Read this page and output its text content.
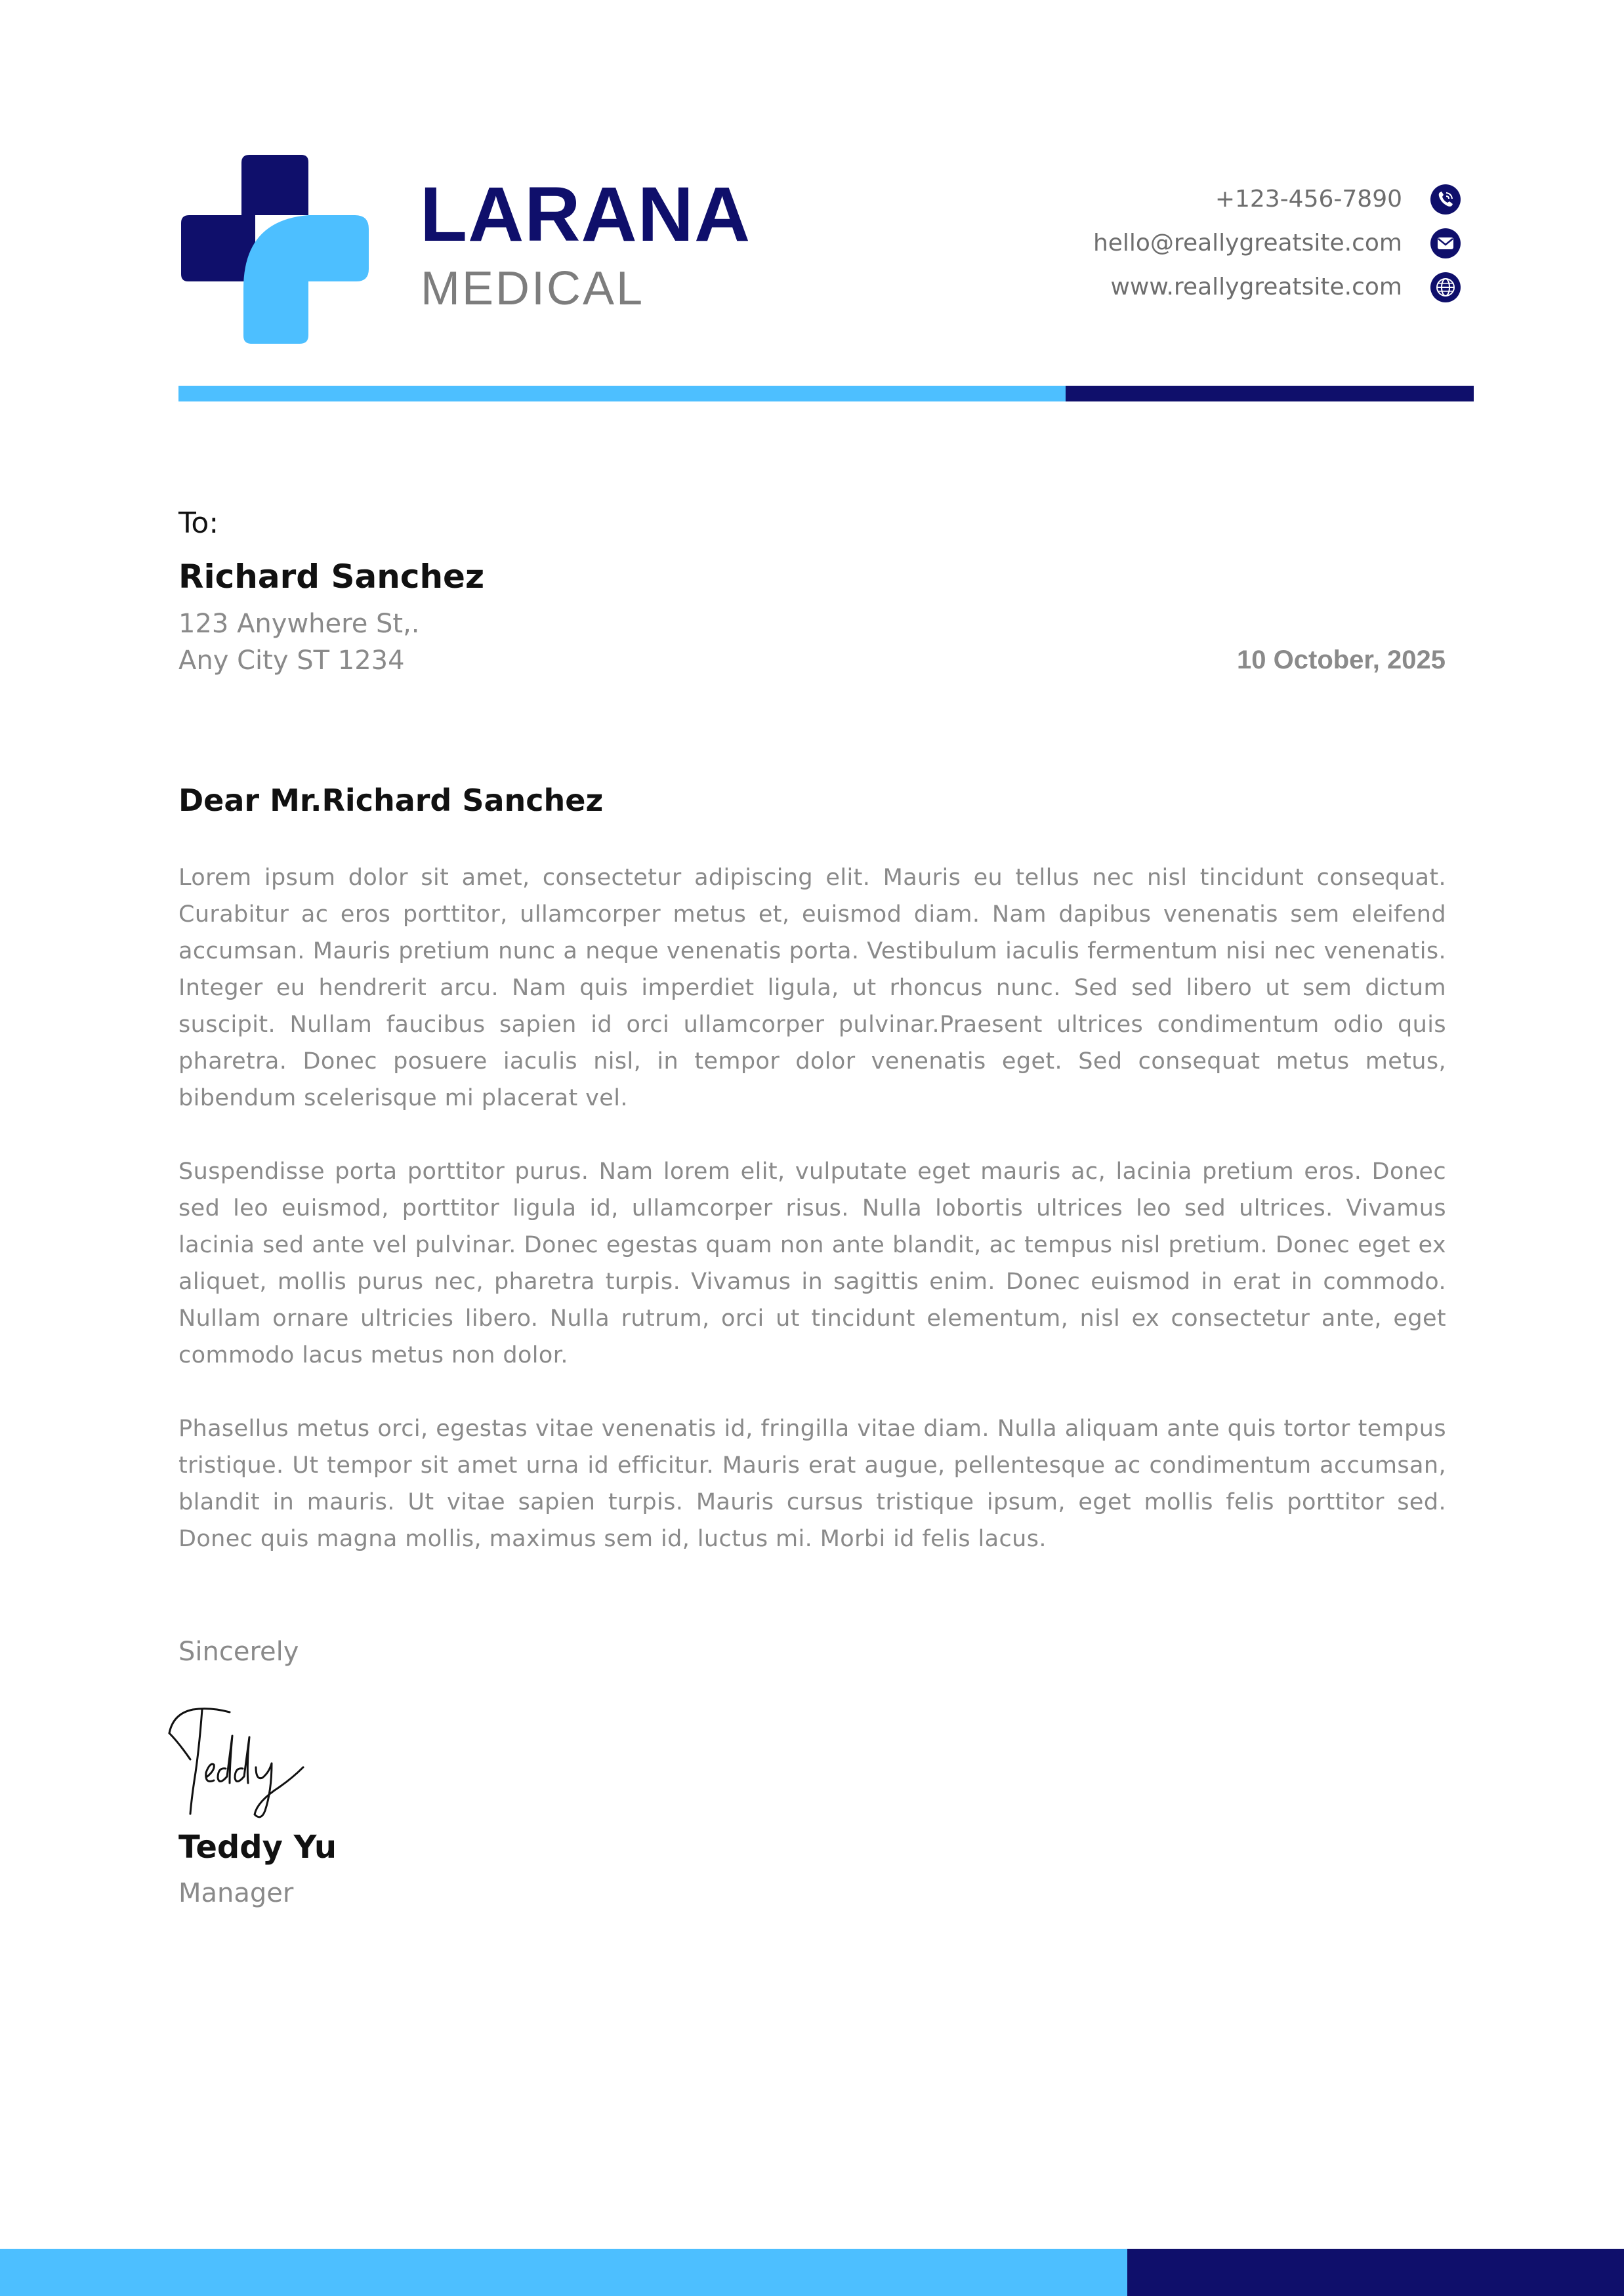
LARANA
MEDICAL
+123-456-7890
hello@reallygreatsite.com
www.reallygreatsite.com
To:
Richard Sanchez
123 Anywhere St,.
Any City ST 1234	10 October, 2025
Dear Mr.Richard Sanchez

Lorem ipsum dolor sit amet, consectetur adipiscing elit. Mauris eu tellus nec nisl tincidunt consequat. Curabitur ac eros porttitor, ullamcorper metus et, euismod diam. Nam dapibus venenatis sem eleifend accumsan. Mauris pretium nunc a neque venenatis porta. Vestibulum iaculis fermentum nisi nec venenatis. Integer eu hendrerit arcu. Nam quis imperdiet ligula, ut rhoncus nunc. Sed sed libero ut sem dictum suscipit. Nullam faucibus sapien id orci ullamcorper pulvinar.Praesent ultrices condimentum odio quis pharetra. Donec posuere iaculis nisl, in tempor dolor venenatis eget. Sed consequat metus metus, bibendum scelerisque mi placerat vel.

Suspendisse porta porttitor purus. Nam lorem elit, vulputate eget mauris ac, lacinia pretium eros. Donec sed leo euismod, porttitor ligula id, ullamcorper risus. Nulla lobortis ultrices leo sed ultrices. Vivamus lacinia sed ante vel pulvinar. Donec egestas quam non ante blandit, ac tempus nisl pretium. Donec eget ex aliquet, mollis purus nec, pharetra turpis. Vivamus in sagittis enim. Donec euismod in erat in commodo. Nullam ornare ultricies libero. Nulla rutrum, orci ut tincidunt elementum, nisl ex consectetur ante, eget commodo lacus metus non dolor.

Phasellus metus orci, egestas vitae venenatis id, fringilla vitae diam. Nulla aliquam ante quis tortor tempus tristique. Ut tempor sit amet urna id efficitur. Mauris erat augue, pellentesque ac condimentum accumsan, blandit in mauris. Ut vitae sapien turpis. Mauris cursus tristique ipsum, eget mollis felis porttitor sed. Donec quis magna mollis, maximus sem id, luctus mi. Morbi id felis lacus.

Sincerely
Teddy Yu
Manager
